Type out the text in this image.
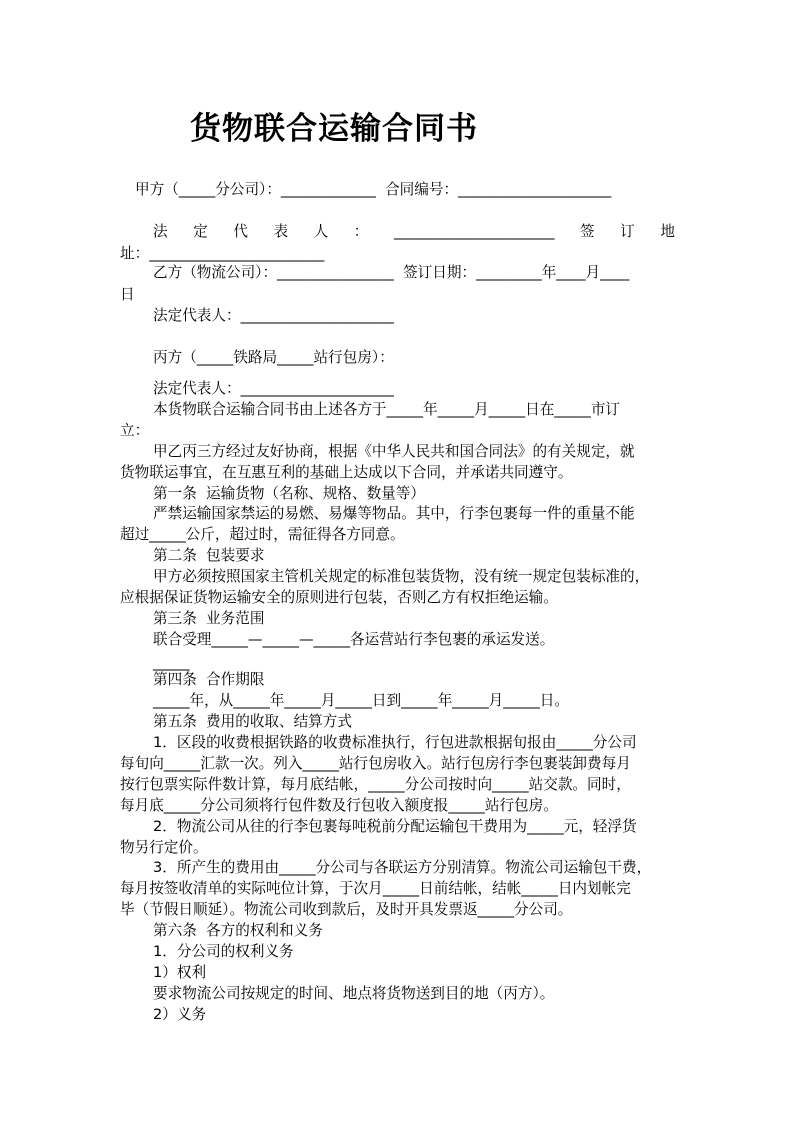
货物联合运输合同书
甲方（_____分公司）：_____________  合同编号：_____________________
法 定 代 表 人 ： ______________________ 签 订 地
址：________________________
乙方（物流公司）：________________  签订日期：_________年____月____
日
法定代表人：_____________________
丙方（_____铁路局_____站行包房）：
法定代表人：_____________________
本货物联合运输合同书由上述各方于_____年_____月_____日在_____市订
立：
甲乙丙三方经过友好协商，根据《中华人民共和国合同法》的有关规定，就
货物联运事宜，在互惠互利的基础上达成以下合同，并承诺共同遵守。
第一条  运输货物（名称、规格、数量等）
严禁运输国家禁运的易燃、易爆等物品。其中，行李包裹每一件的重量不能
超过_____公斤，超过时，需征得各方同意。
第二条  包装要求
甲方必须按照国家主管机关规定的标准包装货物，没有统一规定包装标准的，
应根据保证货物运输安全的原则进行包装，否则乙方有权拒绝运输。
第三条  业务范围
联合受理_____—_____—_____各运营站行李包裹的承运发送。
_____
第四条  合作期限
_____年，从_____年_____月_____日到_____年_____月_____日。
第五条  费用的收取、结算方式
1．区段的收费根据铁路的收费标准执行，行包进款根据旬报由_____分公司
每旬向_____汇款一次。列入_____站行包房收入。站行包房行李包裹装卸费每月
按行包票实际件数计算，每月底结帐，_____分公司按时向_____站交款。同时，
每月底_____分公司须将行包件数及行包收入额度报_____站行包房。
2．物流公司从往的行李包裹每吨税前分配运输包干费用为_____元，轻浮货
物另行定价。
3．所产生的费用由_____分公司与各联运方分别清算。物流公司运输包干费，
每月按签收清单的实际吨位计算，于次月_____日前结帐，结帐_____日内划帐完
毕（节假日顺延）。物流公司收到款后，及时开具发票返_____分公司。
第六条  各方的权利和义务
1．分公司的权利义务
1）权利
要求物流公司按规定的时间、地点将货物送到目的地（丙方）。
2）义务
